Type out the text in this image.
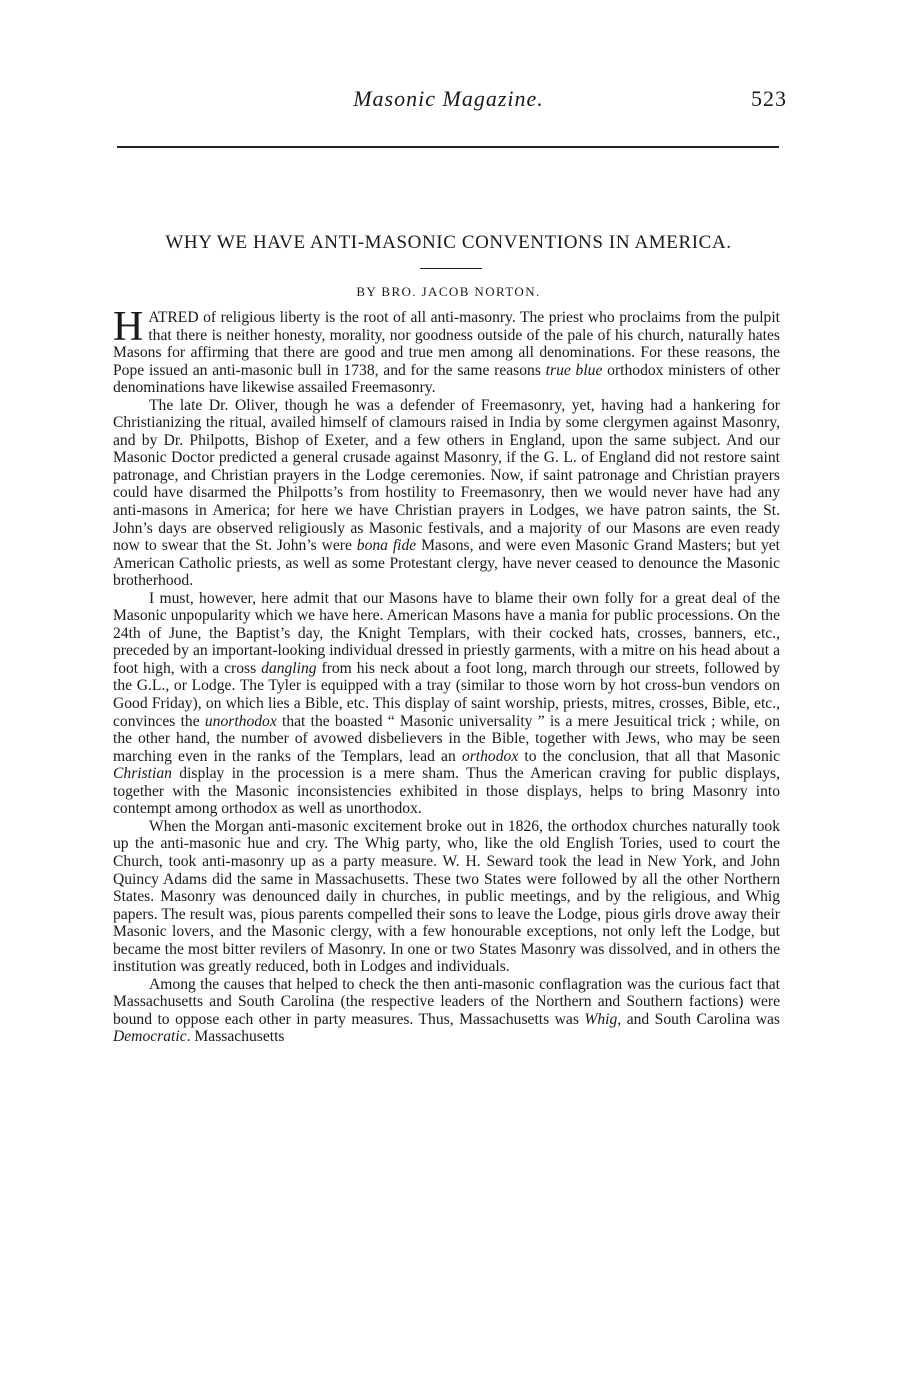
Masonic Magazine.	523
WHY WE HAVE ANTI-MASONIC CONVENTIONS IN AMERICA.
BY BRO. JACOB NORTON.

HATRED of religious liberty is the root of all anti-masonry. The priest who proclaims from the pulpit that there is neither honesty, morality, nor goodness outside of the pale of his church, naturally hates Masons for affirming that there are good and true men among all denominations. For these reasons, the Pope issued an anti-masonic bull in 1738, and for the same reasons true blue orthodox ministers of other denominations have likewise assailed Freemasonry.

The late Dr. Oliver, though he was a defender of Freemasonry, yet, having had a hankering for Christianizing the ritual, availed himself of clamours raised in India by some clergymen against Masonry, and by Dr. Philpotts, Bishop of Exeter, and a few others in England, upon the same subject. And our Masonic Doctor predicted a general crusade against Masonry, if the G. L. of England did not restore saint patronage, and Christian prayers in the Lodge ceremonies. Now, if saint patronage and Christian prayers could have disarmed the Philpotts’s from hostility to Freemasonry, then we would never have had any anti-masons in America; for here we have Christian prayers in Lodges, we have patron saints, the St. John’s days are observed religiously as Masonic festivals, and a majority of our Masons are even ready now to swear that the St. John’s were bona fide Masons, and were even Masonic Grand Masters; but yet American Catholic priests, as well as some Protestant clergy, have never ceased to denounce the Masonic brotherhood.

I must, however, here admit that our Masons have to blame their own folly for a great deal of the Masonic unpopularity which we have here. American Masons have a mania for public processions. On the 24th of June, the Baptist’s day, the Knight Templars, with their cocked hats, crosses, banners, etc., preceded by an important-looking individual dressed in priestly garments, with a mitre on his head about a foot high, with a cross dangling from his neck about a foot long, march through our streets, followed by the G.L., or Lodge. The Tyler is equipped with a tray (similar to those worn by hot cross-bun vendors on Good Friday), on which lies a Bible, etc. This display of saint worship, priests, mitres, crosses, Bible, etc., convinces the unorthodox that the boasted “ Masonic universality ” is a mere Jesuitical trick ; while, on the other hand, the number of avowed disbelievers in the Bible, together with Jews, who may be seen marching even in the ranks of the Templars, lead an orthodox to the conclusion, that all that Masonic Christian display in the procession is a mere sham. Thus the American craving for public displays, together with the Masonic inconsistencies exhibited in those displays, helps to bring Masonry into contempt among orthodox as well as unorthodox.

When the Morgan anti-masonic excitement broke out in 1826, the orthodox churches naturally took up the anti-masonic hue and cry. The Whig party, who, like the old English Tories, used to court the Church, took anti-masonry up as a party measure. W. H. Seward took the lead in New York, and John Quincy Adams did the same in Massachusetts. These two States were followed by all the other Northern States. Masonry was denounced daily in churches, in public meetings, and by the religious, and Whig papers. The result was, pious parents compelled their sons to leave the Lodge, pious girls drove away their Masonic lovers, and the Masonic clergy, with a few honourable exceptions, not only left the Lodge, but became the most bitter revilers of Masonry. In one or two States Masonry was dissolved, and in others the institution was greatly reduced, both in Lodges and individuals.

Among the causes that helped to check the then anti-masonic conflagration was the curious fact that Massachusetts and South Carolina (the respective leaders of the Northern and Southern factions) were bound to oppose each other in party measures. Thus, Massachusetts was Whig, and South Carolina was Democratic. Massachusetts
